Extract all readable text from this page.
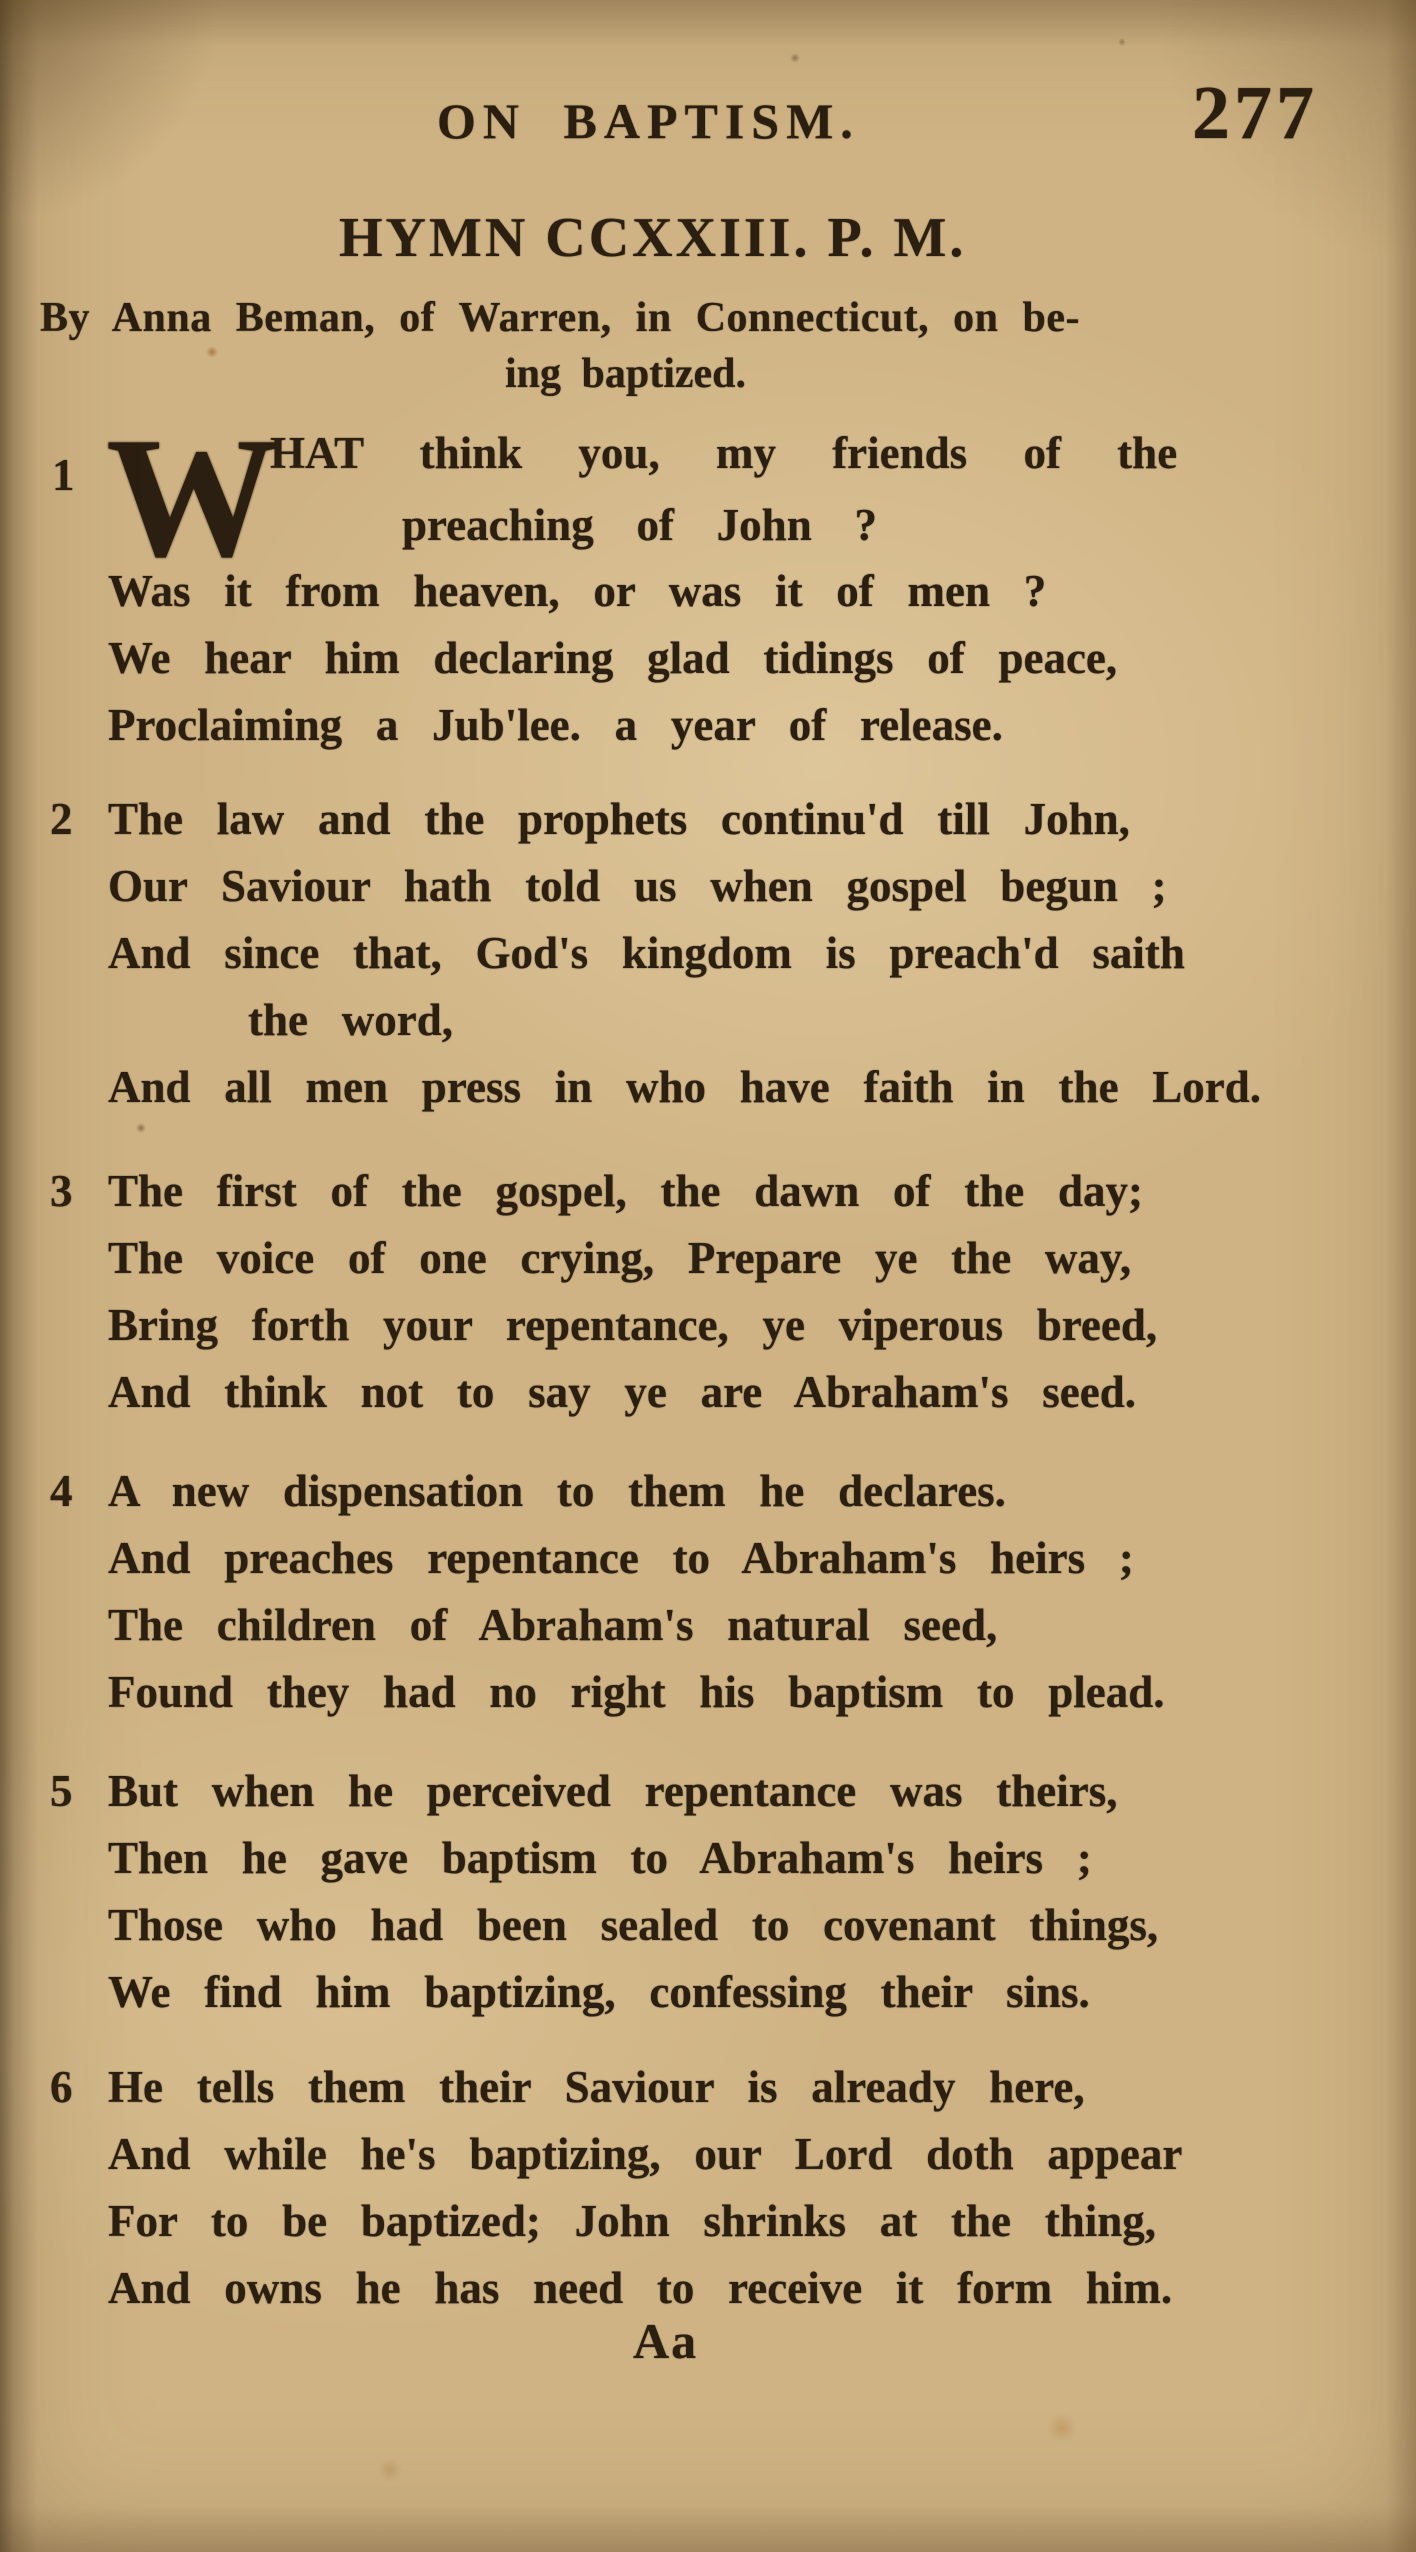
ON BAPTISM.	277
HYMN CCXXIII. P. M.
By Anna Beman, of Warren, in Connecticut, on be-
ing baptized.
1 W
HAT think you, my friends of the
preaching of John ?
Was it from heaven, or was it of men ?
We hear him declaring glad tidings of peace,
Proclaiming a Jub'lee. a year of release.
2 The law and the prophets continu'd till John,
Our Saviour hath told us when gospel begun ;
And since that, God's kingdom is preach'd saith
the word,
And all men press in who have faith in the Lord.
3 The first of the gospel, the dawn of the day;
The voice of one crying, Prepare ye the way,
Bring forth your repentance, ye viperous breed,
And think not to say ye are Abraham's seed.
4 A new dispensation to them he declares.
And preaches repentance to Abraham's heirs ;
The children of Abraham's natural seed,
Found they had no right his baptism to plead.
5 But when he perceived repentance was theirs,
Then he gave baptism to Abraham's heirs ;
Those who had been sealed to covenant things,
We find him baptizing, confessing their sins.
6 He tells them their Saviour is already here,
And while he's baptizing, our Lord doth appear
For to be baptized; John shrinks at the thing,
And owns he has need to receive it form him.
Aa
